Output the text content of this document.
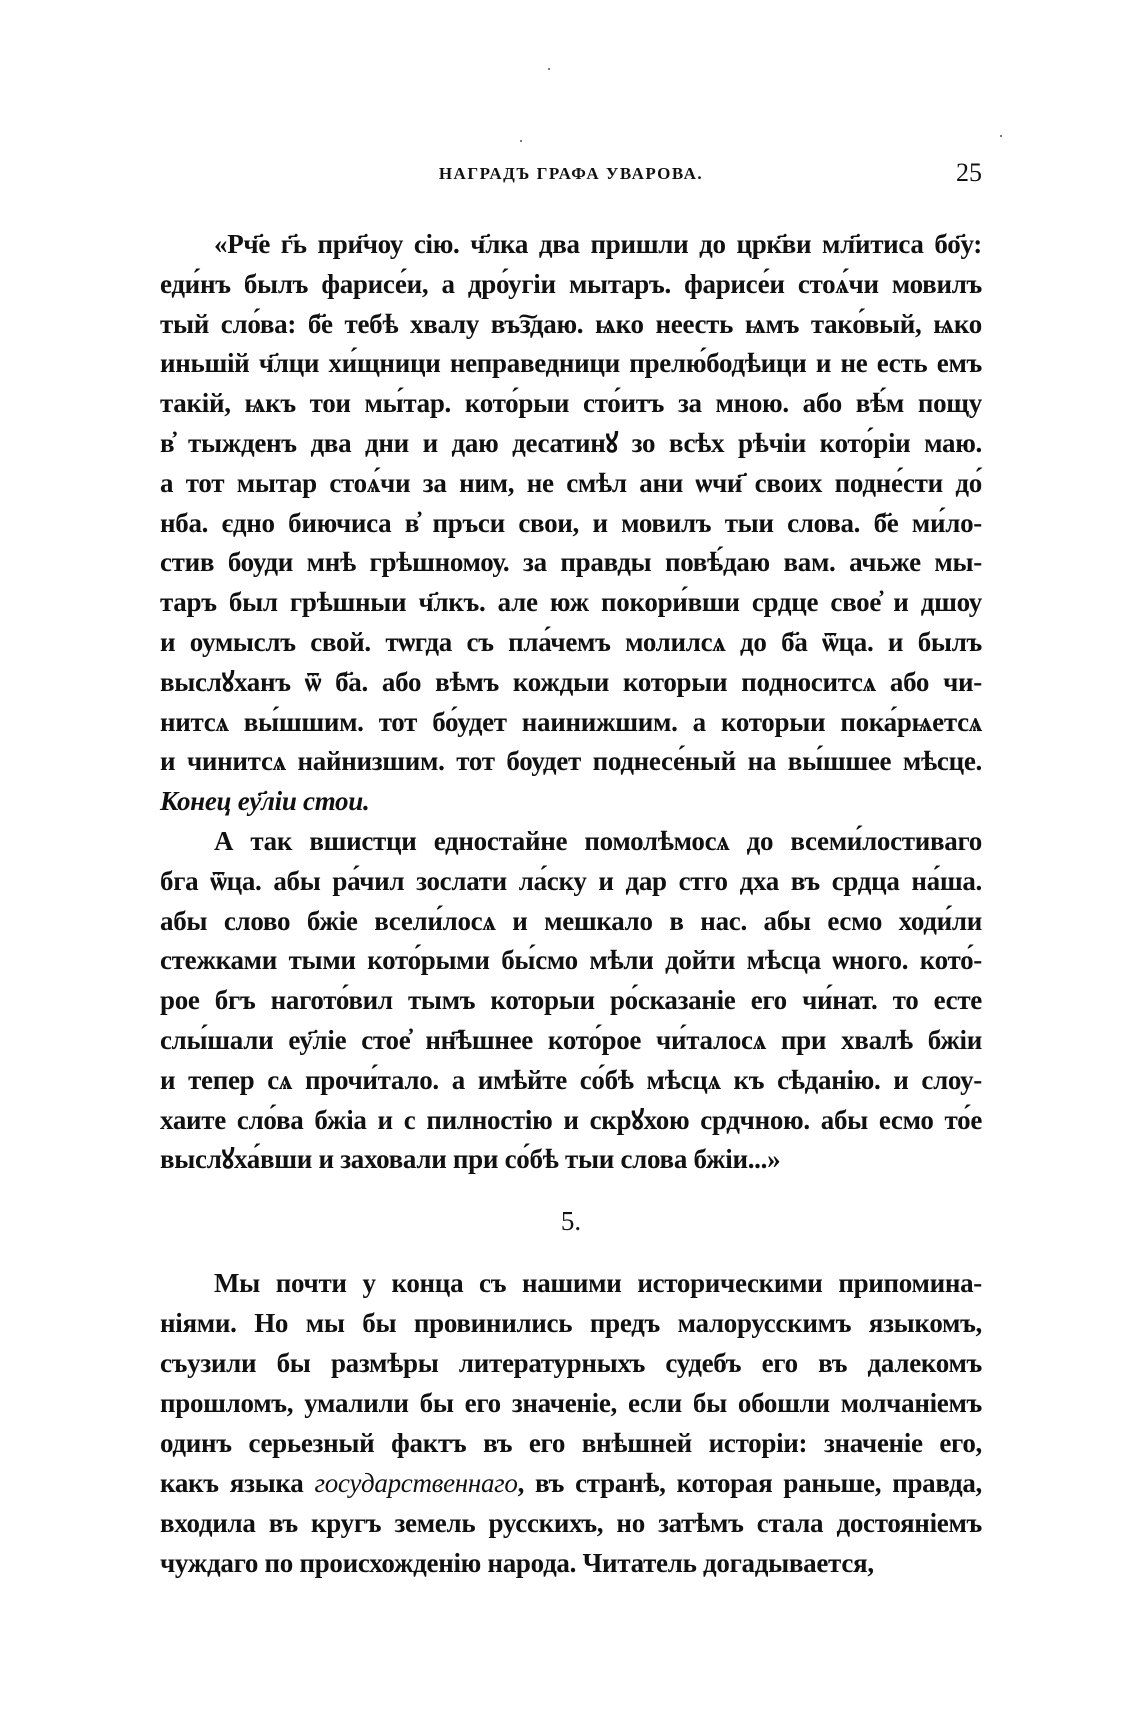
НАГРАДЪ ГРАФА УВАРОВА.	25
«Рч҃е г҃ь при҃чоу сію. ч҃лка два пришли до црк҃ви мл҃итиса бо҃у:
еди́нъ былъ фарисе́и, а дро́угіи мытаръ. фарисе́и стоѧ́чи мовилъ
тый сло́ва: б҃е тебѣ хвалу въ͠здаю. ѩко неесть ѩмъ тако́вый, ѩко
иньшій ч҃лци хи́щници неправедници прелю́бодѣици и не есть емъ
такій, ѩкъ тои мы́тар. кото́рыи сто́итъ за мною. або вѣ́м пощу
в̓ тыжденъ два дни и даю десатинꙋ зо всѣх рѣчіи кото́ріи маю.
а тот мытар стоѧ́чи за ним, не смѣл ани ѡчи҃ своих подне́сти до́
нба. єдно биючиса в̓ пръси свои, и мовилъ тыи слова. б҃е ми́ло-
стив боуди мнѣ грѣшномоу. за правды повѣ́даю вам. ачьже мы-
таръ был грѣшныи ч҃лкъ. але юж покори́вши срдце свое̓ и дшоу
и оумыслъ свой. тѡгда съ пла́чемъ молилсѧ до б҃а ѿца. и былъ
выслꙋханъ ѿ б҃а. або вѣмъ кождыи которыи подноситсѧ або чи-
нитсѧ вы́шшим. тот бо́удет наинижшим. а которыи пока́рѩетсѧ
и чинитсѧ найнизшим. тот боудет поднесе́ный на вы́шшее мѣсце.
Конец еу҃ліи стои.
А так вшистци едностайне помолѣмосѧ до всеми́лостиваго
бга ѿца. абы ра́чил зослати ла́ску и дар стго дха въ срдца на́ша.
абы слово бжіе всели́лосѧ и мешкало в нас. абы есмо ходи́ли
стежками тыми кото́рыми бы́смо мѣли дойти мѣсца ѡного. кото́-
рое бгъ нагото́вил тымъ которыи ро́сказаніе его чи́нат. то есте
слы́шали еу҃ліе стое̓ нн҃ѣшнее кото́рое чи́талосѧ при хвалѣ бжіи
и тепер сѧ прочи́тало. а имѣйте со́бѣ мѣсцѧ къ сѣданію. и слоу-
хаите сло́ва бжіа и с пилностію и скрꙋхою срдчною. абы есмо то́е
выслꙋха́вши и заховали при со́бѣ тыи слова бжіи...»
5.
Мы почти у конца съ нашими историческими припомина-
ніями. Но мы бы провинились предъ малорусскимъ языкомъ,
съузили бы размѣры литературныхъ судебъ его въ далекомъ
прошломъ, умалили бы его значеніе, если бы обошли молчаніемъ
одинъ серьезный фактъ въ его внѣшней исторіи: значеніе его,
какъ языка государственнаго, въ странѣ, которая раньше, правда,
входила въ кругъ земель русскихъ, но затѣмъ стала достояніемъ
чуждаго по происхожденію народа. Читатель догадывается,
